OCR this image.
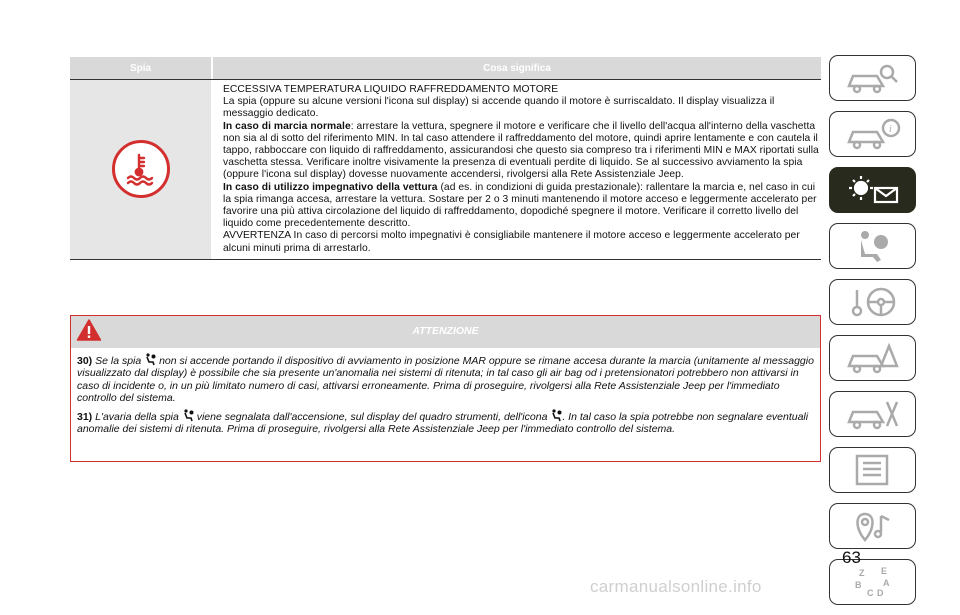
Spia	Cosa significa
ECCESSIVA TEMPERATURA LIQUIDO RAFFREDDAMENTO MOTORE
La spia (oppure su alcune versioni l'icona sul display) si accende quando il motore è surriscaldato. Il display visualizza il messaggio dedicato.
In caso di marcia normale: arrestare la vettura, spegnere il motore e verificare che il livello dell'acqua all'interno della vaschetta non sia al di sotto del riferimento MIN. In tal caso attendere il raffreddamento del motore, quindi aprire lentamente e con cautela il tappo, rabboccare con liquido di raffreddamento, assicurandosi che questo sia compreso tra i riferimenti MIN e MAX riportati sulla vaschetta stessa. Verificare inoltre visivamente la presenza di eventuali perdite di liquido. Se al successivo avviamento la spia (oppure l'icona sul display) dovesse nuovamente accendersi, rivolgersi alla Rete Assistenziale Jeep.
In caso di utilizzo impegnativo della vettura (ad es. in condizioni di guida prestazionale): rallentare la marcia e, nel caso in cui la spia rimanga accesa, arrestare la vettura. Sostare per 2 o 3 minuti mantenendo il motore acceso e leggermente accelerato per favorire una più attiva circolazione del liquido di raffreddamento, dopodiché spegnere il motore. Verificare il corretto livello del liquido come precedentemente descritto.
AVVERTENZA In caso di percorsi molto impegnativi è consigliabile mantenere il motore acceso e leggermente accelerato per alcuni minuti prima di arrestarlo.
ATTENZIONE

30) Se la spia non si accende portando il dispositivo di avviamento in posizione MAR oppure se rimane accesa durante la marcia (unitamente al messaggio visualizzato dal display) è possibile che sia presente un'anomalia nei sistemi di ritenuta; in tal caso gli air bag od i pretensionatori potrebbero non attivarsi in caso di incidente o, in un più limitato numero di casi, attivarsi erroneamente. Prima di proseguire, rivolgersi alla Rete Assistenziale Jeep per l'immediato controllo del sistema.

31) L'avaria della spia viene segnalata dall'accensione, sul display del quadro strumenti, dell'icona . In tal caso la spia potrebbe non segnalare eventuali anomalie dei sistemi di ritenuta. Prima di proseguire, rivolgersi alla Rete Assistenziale Jeep per l'immediato controllo del sistema.

i
Z E
B A
C D
63
carmanualsonline.info
